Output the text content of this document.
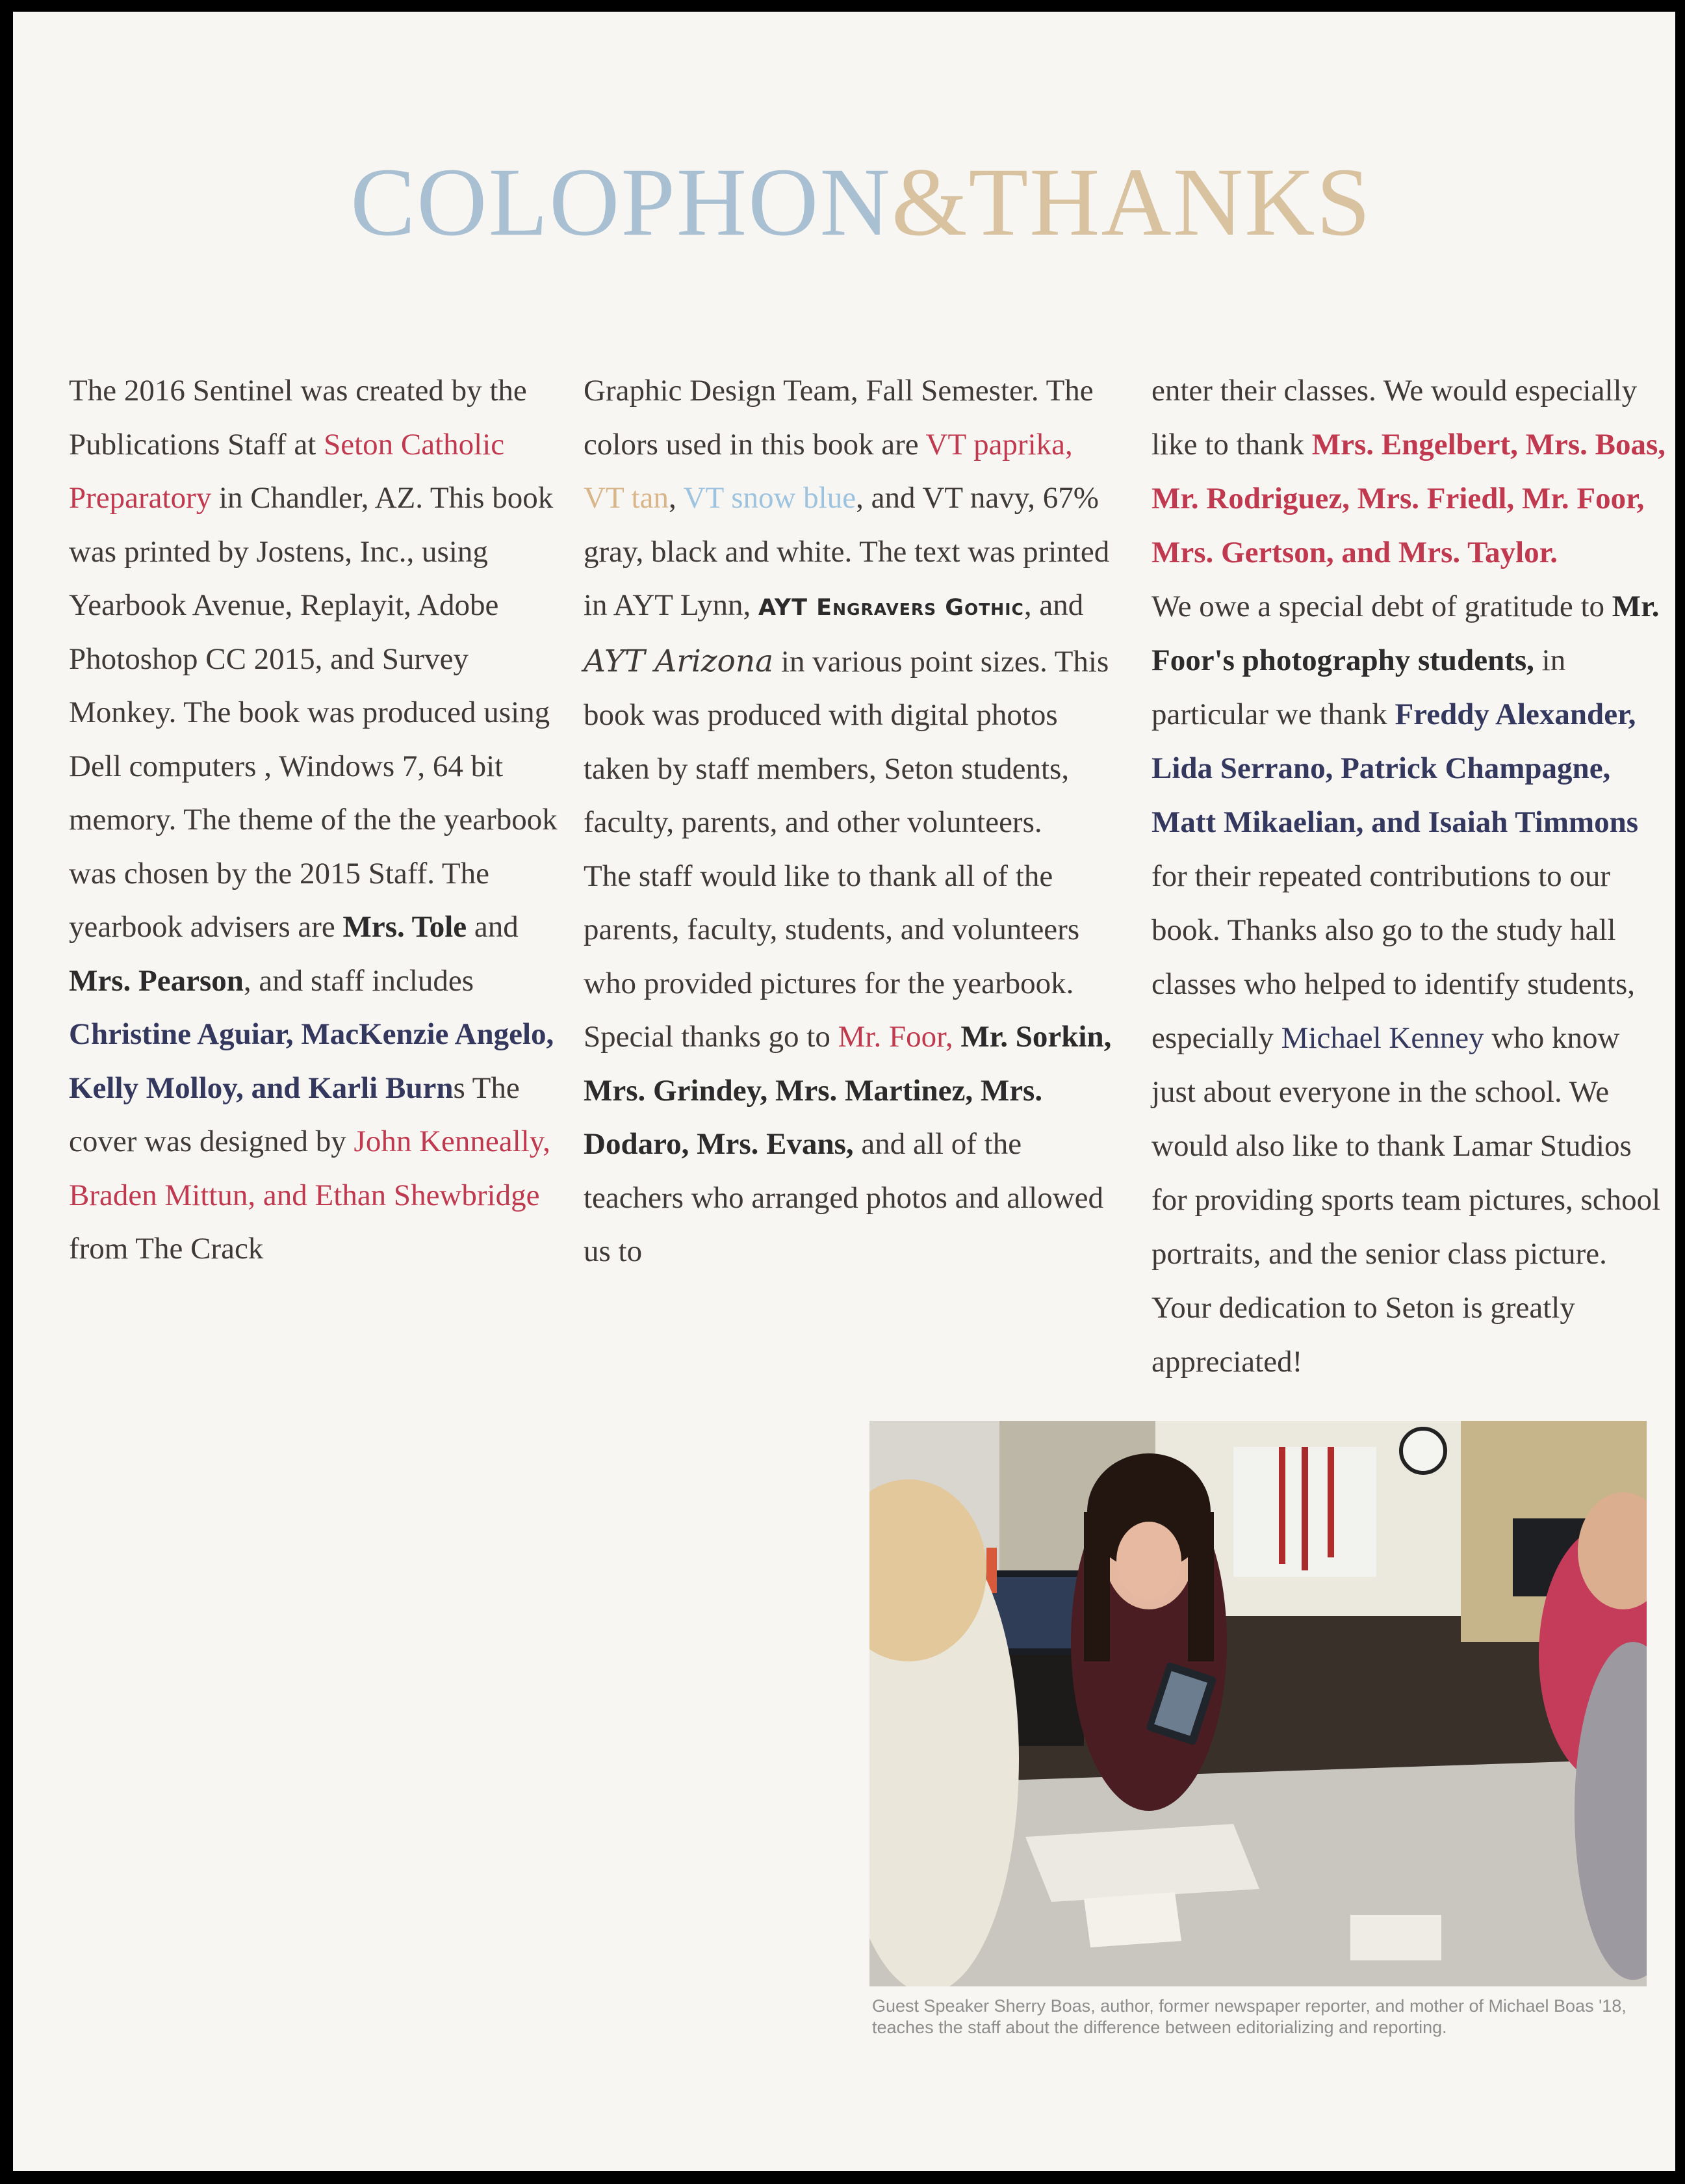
COLOPHON&THANKS

The 2016 Sentinel was created by the Publications Staff at Seton Catholic Preparatory in Chandler, AZ. This book was printed by Jostens, Inc., using Yearbook Avenue, Replayit, Adobe Photoshop CC 2015, and Survey Monkey. The book was produced using Dell computers , Windows 7, 64 bit memory. The theme of the the yearbook was chosen by the 2015 Staff. The yearbook advisers are Mrs. Tole and Mrs. Pearson, and staff includes Christine Aguiar, MacKenzie Angelo, Kelly Molloy, and Karli Burns The cover was designed by John Kenneally, Braden Mittun, and Ethan Shewbridge from The Crack

Graphic Design Team, Fall Semester. The colors used in this book are VT paprika, VT tan, VT snow blue, and VT navy, 67% gray, black and white. The text was printed in AYT Lynn, AYT Engravers Gothic, and AYT Arizona in various point sizes. This book was produced with digital photos taken by staff members, Seton students, faculty, parents, and other volunteers.

The staff would like to thank all of the parents, faculty, students, and volunteers who provided pictures for the yearbook. Special thanks go to Mr. Foor, Mr. Sorkin, Mrs. Grindey, Mrs. Martinez, Mrs. Dodaro, Mrs. Evans, and all of the teachers who arranged photos and allowed us to

enter their classes. We would especially like to thank Mrs. Engelbert, Mrs. Boas, Mr. Rodriguez, Mrs. Friedl, Mr. Foor, Mrs. Gertson, and Mrs. Taylor.

We owe a special debt of gratitude to Mr. Foor's photography students, in particular we thank Freddy Alexander, Lida Serrano, Patrick Champagne, Matt Mikaelian, and Isaiah Timmons for their repeated contributions to our book. Thanks also go to the study hall classes who helped to identify students, especially Michael Kenney who know just about everyone in the school. We would also like to thank Lamar Studios for providing sports team pictures, school portraits, and the senior class picture. Your dedication to Seton is greatly appreciated!

Guest Speaker Sherry Boas, author, former newspaper reporter, and mother of Michael Boas '18, teaches the staff about the difference between editorializing and reporting.
